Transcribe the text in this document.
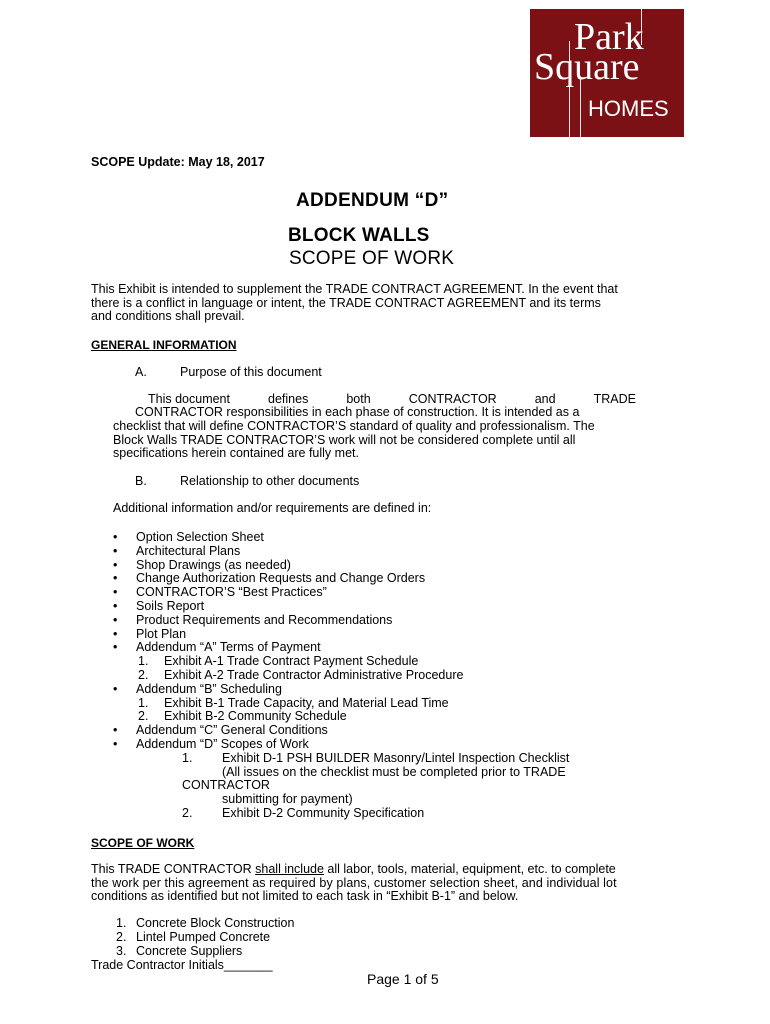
Park
Square
HOMES
SCOPE Update: May 18, 2017
ADDENDUM “D”
BLOCK WALLS
SCOPE OF WORK
This Exhibit is intended to supplement the TRADE CONTRACT AGREEMENT. In the event that
there is a conflict in language or intent, the TRADE CONTRACT AGREEMENT and its terms
and conditions shall prevail.
GENERAL INFORMATION
A.	Purpose of this document
This document	defines	both	CONTRACTOR	and	TRADE
CONTRACTOR responsibilities in each phase of construction. It is intended as a
checklist that will define CONTRACTOR’S standard of quality and professionalism. The
Block Walls TRADE CONTRACTOR’S work will not be considered complete until all
specifications herein contained are fully met.
B.	Relationship to other documents
Additional information and/or requirements are defined in:
• Option Selection Sheet
• Architectural Plans
• Shop Drawings (as needed)
• Change Authorization Requests and Change Orders
• CONTRACTOR’S “Best Practices”
• Soils Report
• Product Requirements and Recommendations
• Plot Plan
• Addendum “A” Terms of Payment
1. Exhibit A-1 Trade Contract Payment Schedule
2. Exhibit A-2 Trade Contractor Administrative Procedure
• Addendum “B” Scheduling
1. Exhibit B-1 Trade Capacity, and Material Lead Time
2. Exhibit B-2 Community Schedule
• Addendum “C” General Conditions
• Addendum “D” Scopes of Work
1. Exhibit D-1 PSH BUILDER Masonry/Lintel Inspection Checklist
(All issues on the checklist must be completed prior to TRADE CONTRACTOR
submitting for payment)
2. Exhibit D-2 Community Specification
SCOPE OF WORK
This TRADE CONTRACTOR shall include all labor, tools, material, equipment, etc. to complete
the work per this agreement as required by plans, customer selection sheet, and individual lot
conditions as identified but not limited to each task in “Exhibit B-1” and below.
1. Concrete Block Construction
2. Lintel Pumped Concrete
3. Concrete Suppliers
Trade Contractor Initials_______
Page 1 of 5
